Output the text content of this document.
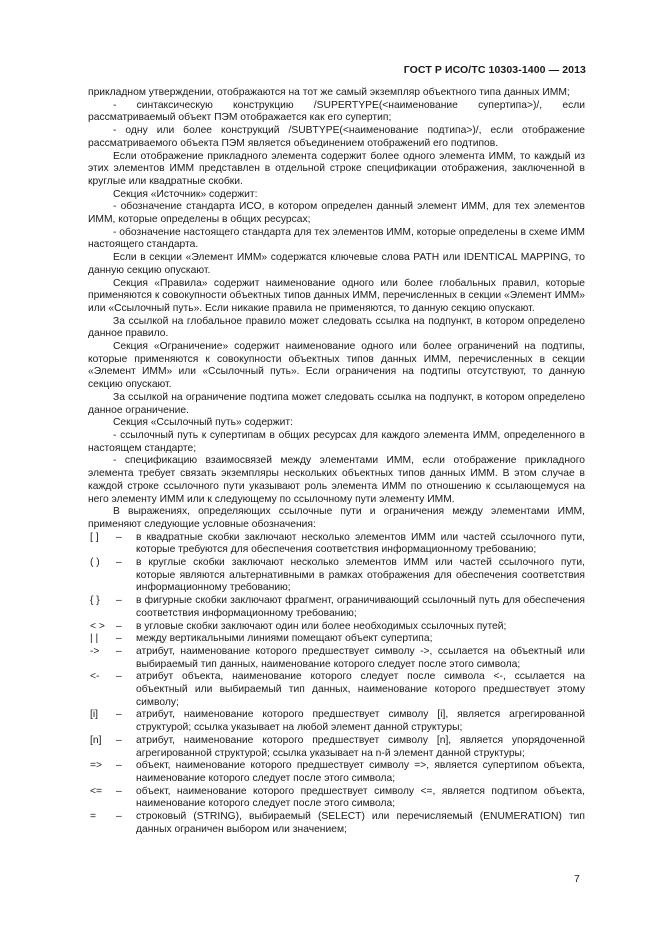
ГОСТ Р ИСО/ТС 10303-1400 — 2013

прикладном утверждении, отображаются на тот же самый экземпляр объектного типа данных ИММ;

- синтаксическую конструкцию /SUPERTYPE(<наименование супертипа>)/, если рассматриваемый объект ПЭМ отображается как его супертип;

- одну или более конструкций /SUBTYPE(<наименование подтипа>)/, если отображение рассматриваемого объекта ПЭМ является объединением отображений его подтипов.

Если отображение прикладного элемента содержит более одного элемента ИММ, то каждый из этих элементов ИММ представлен в отдельной строке спецификации отображения, заключенной в круглые или квадратные скобки.

Секция «Источник» содержит:

- обозначение стандарта ИСО, в котором определен данный элемент ИММ, для тех элементов ИММ, которые определены в общих ресурсах;

- обозначение настоящего стандарта для тех элементов ИММ, которые определены в схеме ИММ настоящего стандарта.

Если в секции «Элемент ИММ» содержатся ключевые слова PATH или IDENTICAL MAPPING, то данную секцию опускают.

Секция «Правила» содержит наименование одного или более глобальных правил, которые применяются к совокупности объектных типов данных ИММ, перечисленных в секции «Элемент ИММ» или «Ссылочный путь». Если никакие правила не применяются, то данную секцию опускают.

За ссылкой на глобальное правило может следовать ссылка на подпункт, в котором определено данное правило.

Секция «Ограничение» содержит наименование одного или более ограничений на подтипы, которые применяются к совокупности объектных типов данных ИММ, перечисленных в секции «Элемент ИММ» или «Ссылочный путь». Если ограничения на подтипы отсутствуют, то данную секцию опускают.

За ссылкой на ограничение подтипа может следовать ссылка на подпункт, в котором определено данное ограничение.

Секция «Ссылочный путь» содержит:

- ссылочный путь к супертипам в общих ресурсах для каждого элемента ИММ, определенного в настоящем стандарте;

- спецификацию взаимосвязей между элементами ИММ, если отображение прикладного элемента требует связать экземпляры нескольких объектных типов данных ИММ. В этом случае в каждой строке ссылочного пути указывают роль элемента ИММ по отношению к ссылающемуся на него элементу ИММ или к следующему по ссылочному пути элементу ИММ.

В выражениях, определяющих ссылочные пути и ограничения между элементами ИММ, применяют следующие условные обозначения:

[ ]	–	в квадратные скобки заключают несколько элементов ИММ или частей ссылочного пути, которые требуются для обеспечения соответствия информационному требованию;
( )	–	в круглые скобки заключают несколько элементов ИММ или частей ссылочного пути, которые являются альтернативными в рамках отображения для обеспечения соответствия информационному требованию;
{ }	–	в фигурные скобки заключают фрагмент, ограничивающий ссылочный путь для обеспечения соответствия информационному требованию;
< >	–	в угловые скобки заключают один или более необходимых ссылочных путей;
| |	–	между вертикальными линиями помещают объект супертипа;
->	–	атрибут, наименование которого предшествует символу ->, ссылается на объектный или выбираемый тип данных, наименование которого следует после этого символа;
<-	–	атрибут объекта, наименование которого следует после символа <-, ссылается на объектный или выбираемый тип данных, наименование которого предшествует этому символу;
[i]	–	атрибут, наименование которого предшествует символу [i], является агрегированной структурой; ссылка указывает на любой элемент данной структуры;
[n]	–	атрибут, наименование которого предшествует символу [n], является упорядоченной агрегированной структурой; ссылка указывает на n-й элемент данной структуры;
=>	–	объект, наименование которого предшествует символу =>, является супертипом объекта, наименование которого следует после этого символа;
<=	–	объект, наименование которого предшествует символу <=, является подтипом объекта, наименование которого следует после этого символа;
=	–	строковый (STRING), выбираемый (SELECT) или перечисляемый (ENUMERATION) тип данных ограничен выбором или значением;
7
